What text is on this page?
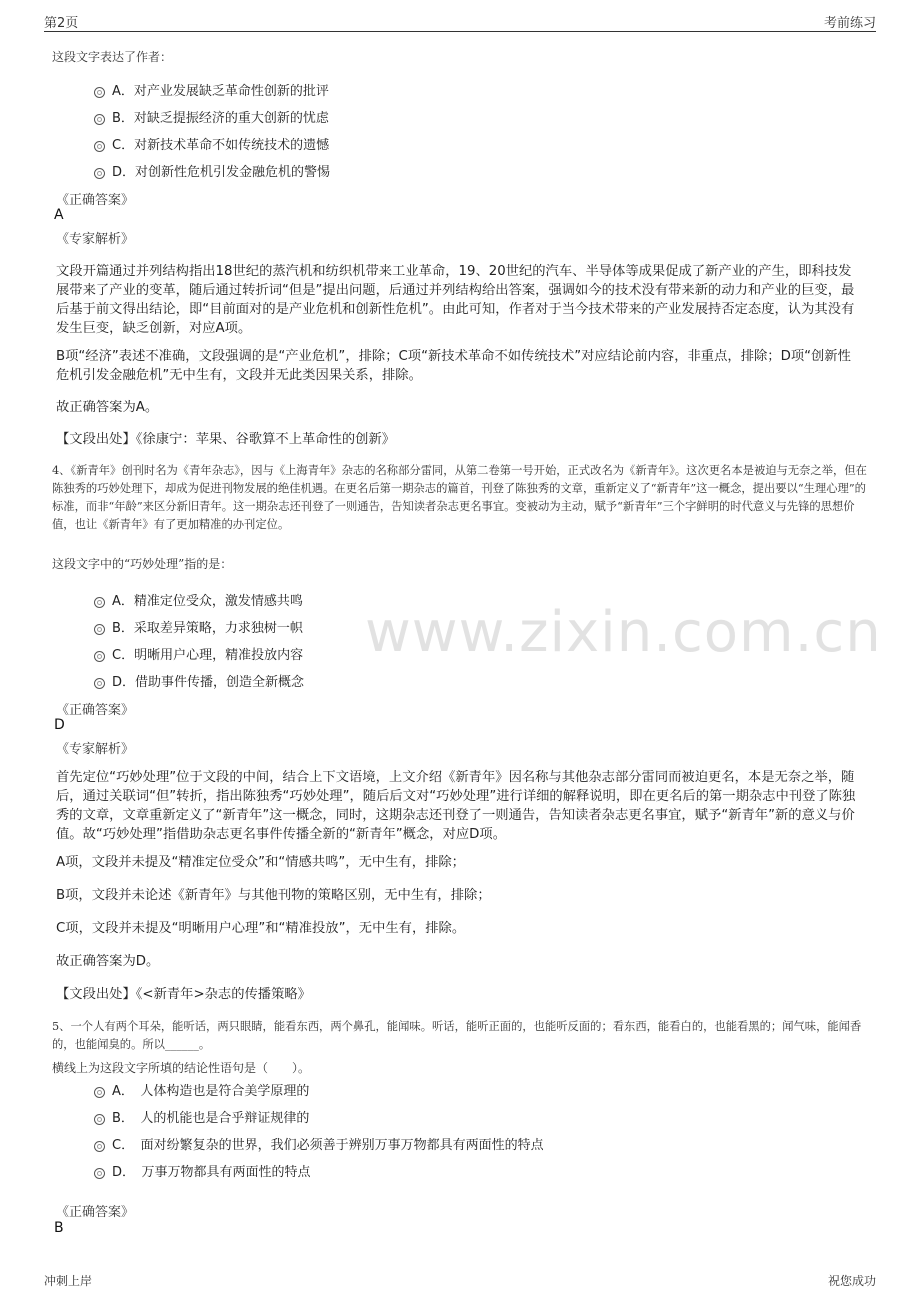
第2页	考前练习
www.zixin.com.cn
这段文字表达了作者：
A．对产业发展缺乏革命性创新的批评
B．对缺乏提振经济的重大创新的忧虑
C．对新技术革命不如传统技术的遗憾
D．对创新性危机引发金融危机的警惕
《正确答案》
A
《专家解析》
文段开篇通过并列结构指出18世纪的蒸汽机和纺织机带来工业革命，19、20世纪的汽车、半导体等成果促成了新产业的产生，即科技发展带来了产业的变革，随后通过转折词“但是”提出问题，后通过并列结构给出答案，强调如今的技术没有带来新的动力和产业的巨变，最后基于前文得出结论，即“目前面对的是产业危机和创新性危机”。由此可知，作者对于当今技术带来的产业发展持否定态度，认为其没有发生巨变，缺乏创新，对应A项。
B项“经济”表述不准确，文段强调的是“产业危机”，排除；C项“新技术革命不如传统技术”对应结论前内容，非重点，排除；D项“创新性危机引发金融危机”无中生有，文段并无此类因果关系，排除。
故正确答案为A。
【文段出处】《徐康宁：苹果、谷歌算不上革命性的创新》
4、《新青年》创刊时名为《青年杂志》，因与《上海青年》杂志的名称部分雷同，从第二卷第一号开始，正式改名为《新青年》。这次更名本是被迫与无奈之举，但在陈独秀的巧妙处理下，却成为促进刊物发展的绝佳机遇。在更名后第一期杂志的篇首，刊登了陈独秀的文章，重新定义了“新青年”这一概念，提出要以“生理心理”的标准，而非“年龄”来区分新旧青年。这一期杂志还刊登了一则通告，告知读者杂志更名事宜。变被动为主动，赋予“新青年”三个字鲜明的时代意义与先锋的思想价值，也让《新青年》有了更加精准的办刊定位。
这段文字中的“巧妙处理”指的是：
A．精准定位受众，激发情感共鸣
B．采取差异策略，力求独树一帜
C．明晰用户心理，精准投放内容
D．借助事件传播，创造全新概念
《正确答案》
D
《专家解析》
首先定位“巧妙处理”位于文段的中间，结合上下文语境，上文介绍《新青年》因名称与其他杂志部分雷同而被迫更名，本是无奈之举，随后，通过关联词“但”转折，指出陈独秀“巧妙处理”，随后后文对“巧妙处理”进行详细的解释说明，即在更名后的第一期杂志中刊登了陈独秀的文章，文章重新定义了“新青年”这一概念，同时，这期杂志还刊登了一则通告，告知读者杂志更名事宜，赋予“新青年”新的意义与价值。故“巧妙处理”指借助杂志更名事件传播全新的“新青年”概念，对应D项。
A项，文段并未提及“精准定位受众”和“情感共鸣”，无中生有，排除；
B项，文段并未论述《新青年》与其他刊物的策略区别，无中生有，排除；
C项，文段并未提及“明晰用户心理”和“精准投放”，无中生有，排除。
故正确答案为D。
【文段出处】《<新青年>杂志的传播策略》
5、一个人有两个耳朵，能听话，两只眼睛，能看东西，两个鼻孔，能闻味。听话，能听正面的，也能听反面的；看东西，能看白的，也能看黑的；闻气味，能闻香的，也能闻臭的。所以______。
横线上为这段文字所填的结论性语句是（　　）。
A．　人体构造也是符合美学原理的
B．　人的机能也是合乎辩证规律的
C．　面对纷繁复杂的世界，我们必须善于辨别万事万物都具有两面性的特点
D．　万事万物都具有两面性的特点
《正确答案》
B
冲刺上岸	祝您成功
